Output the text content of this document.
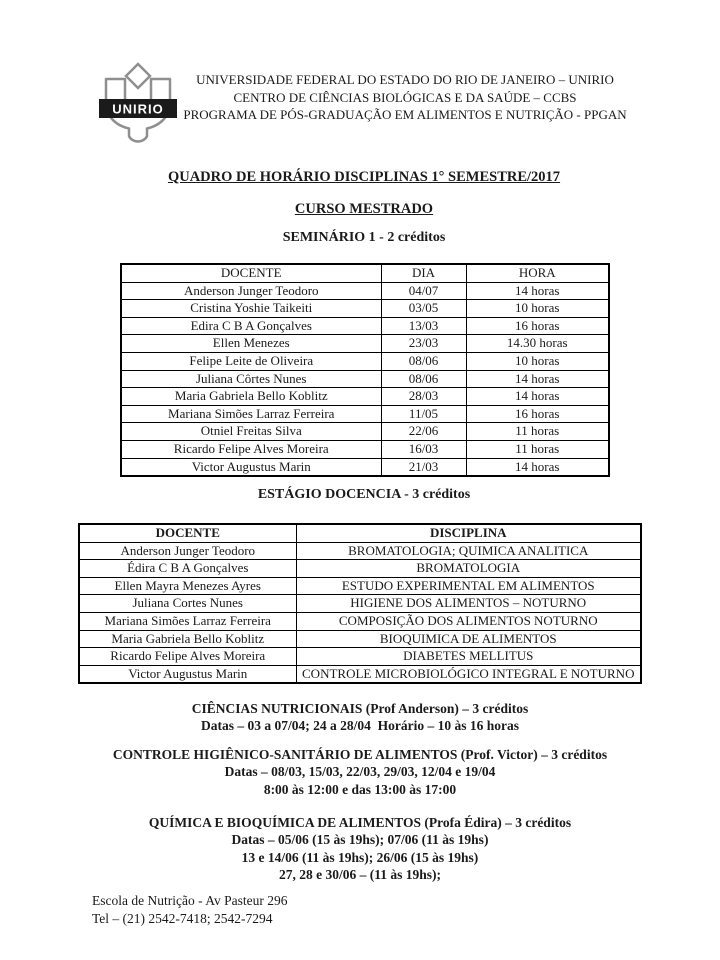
UNIRIO
UNIVERSIDADE FEDERAL DO ESTADO DO RIO DE JANEIRO – UNIRIO
CENTRO DE CIÊNCIAS BIOLÓGICAS E DA SAÚDE – CCBS
PROGRAMA DE PÓS-GRADUAÇÃO EM ALIMENTOS E NUTRIÇÃO - PPGAN
QUADRO DE HORÁRIO DISCIPLINAS 1° SEMESTRE/2017
CURSO MESTRADO
SEMINÁRIO 1 - 2 créditos
DOCENTE	DIA	HORA
Anderson Junger Teodoro	04/07	14 horas
Cristina Yoshie Taikeiti	03/05	10 horas
Edira C B A Gonçalves	13/03	16 horas
Ellen Menezes	23/03	14.30 horas
Felipe Leite de Oliveira	08/06	10 horas
Juliana Côrtes Nunes	08/06	14 horas
Maria Gabriela Bello Koblitz	28/03	14 horas
Mariana Simões Larraz Ferreira	11/05	16 horas
Otniel Freitas Silva	22/06	11 horas
Ricardo Felipe Alves Moreira	16/03	11 horas
Victor Augustus Marin	21/03	14 horas
ESTÁGIO DOCENCIA - 3 créditos
DOCENTE	DISCIPLINA
Anderson Junger Teodoro	BROMATOLOGIA; QUIMICA ANALITICA
Édira C B A Gonçalves	BROMATOLOGIA
Ellen Mayra Menezes Ayres	ESTUDO EXPERIMENTAL EM ALIMENTOS
Juliana Cortes Nunes	HIGIENE DOS ALIMENTOS – NOTURNO
Mariana Simões Larraz Ferreira	COMPOSIÇÃO DOS ALIMENTOS NOTURNO
Maria Gabriela Bello Koblitz	BIOQUIMICA DE ALIMENTOS
Ricardo Felipe Alves Moreira	DIABETES MELLITUS
Victor Augustus Marin	CONTROLE MICROBIOLÓGICO INTEGRAL E NOTURNO
CIÊNCIAS NUTRICIONAIS (Prof Anderson) – 3 créditos
Datas – 03 a 07/04; 24 a 28/04  Horário – 10 às 16 horas
CONTROLE HIGIÊNICO-SANITÁRIO DE ALIMENTOS (Prof. Victor) – 3 créditos
Datas – 08/03, 15/03, 22/03, 29/03, 12/04 e 19/04
8:00 às 12:00 e das 13:00 às 17:00
QUÍMICA E BIOQUÍMICA DE ALIMENTOS (Profa Édira) – 3 créditos
Datas – 05/06 (15 às 19hs); 07/06 (11 às 19hs)
13 e 14/06 (11 às 19hs); 26/06 (15 às 19hs)
27, 28 e 30/06 – (11 às 19hs);
Escola de Nutrição - Av Pasteur 296
Tel – (21) 2542-7418; 2542-7294
